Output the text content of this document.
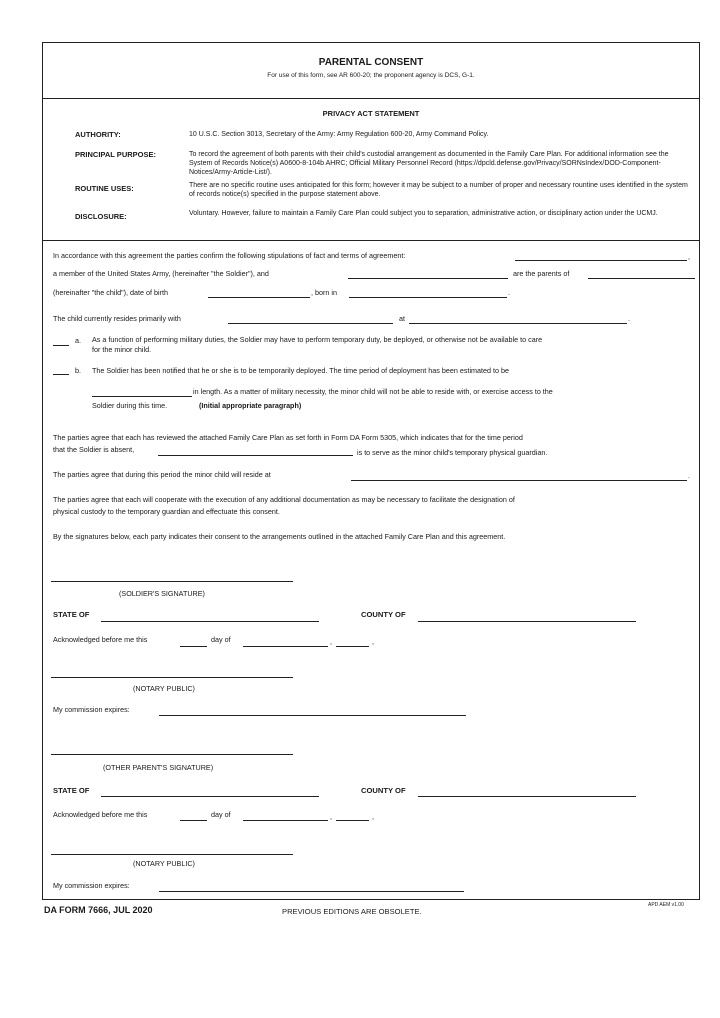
PARENTAL CONSENT
For use of this form, see AR 600-20; the proponent agency is DCS, G-1.
PRIVACY ACT STATEMENT
AUTHORITY:	10 U.S.C. Section 3013, Secretary of the Army: Army Regulation 600-20, Army Command Policy.
PRINCIPAL PURPOSE:	To record the agreement of both parents with their child's custodial arrangement as documented in the Family Care Plan. For additional information see the System of Records Notice(s) A0600-8-104b AHRC; Official Military Personnel Record (https://dpcld.defense.gov/Privacy/SORNsIndex/DOD-Component-Notices/Army-Article-List/).
ROUTINE USES:	There are no specific routine uses anticipated for this form; however it may be subject to a number of proper and necessary rountine uses identified in the system of records notice(s) specified in the purpose statement above.
DISCLOSURE:	Voluntary. However, failure to maintain a Family Care Plan could subject you to separation, administrative action, or disciplinary action under the UCMJ.
In accordance with this agreement the parties confirm the following stipulations of fact and terms of agreement:	,
a member of the United States Army, (hereinafter "the Soldier"), and	are the parents of
(hereinafter "the child"), date of birth	, born in	.
The child currently resides primarily with	at	.
a. As a function of performing military duties, the Soldier may have to perform temporary duty, be deployed, or otherwise not be available to care
for the minor child.
b. The Soldier has been notified that he or she is to be temporarily deployed. The time period of deployment has been estimated to be
in length. As a matter of military necessity, the minor child will not be able to reside with, or exercise access to the
Soldier during this time.	(Initial appropriate paragraph)
The parties agree that each has reviewed the attached Family Care Plan as set forth in Form DA Form 5305, which indicates that for the time period
that the Soldier is absent,	is to serve as the minor child's temporary physical guardian.
The parties agree that during this period the minor child will reside at	.
The parties agree that each will cooperate with the execution of any additional documentation as may be necessary to facilitate the designation of
physical custody to the temporary guardian and effectuate this consent.
By the signatures below, each party indicates their consent to the arrangements outlined in the attached Family Care Plan and this agreement.
(SOLDIER'S SIGNATURE)
STATE OF	COUNTY OF
Acknowledged before me this	day of	,	,
(NOTARY PUBLIC)
My commission expires:
(OTHER PARENT'S SIGNATURE)
STATE OF	COUNTY OF
Acknowledged before me this	day of	,	,
(NOTARY PUBLIC)
My commission expires:
DA FORM 7666, JUL 2020	PREVIOUS EDITIONS ARE OBSOLETE.
APD AEM v1.00
